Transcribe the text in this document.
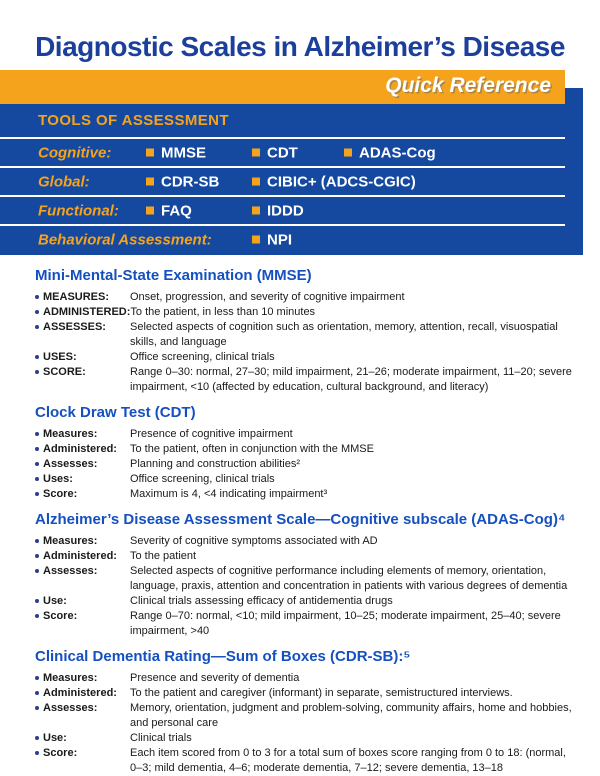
Diagnostic Scales in Alzheimer’s Disease
Quick Reference
TOOLS OF ASSESSMENT
Cognitive:	MMSE	CDT	ADAS-Cog
Global:	CDR-SB	CIBIC+ (ADCS-CGIC)
Functional:	FAQ	IDDD
Behavioral Assessment:	NPI
Mini-Mental-State Examination (MMSE)
MEASURES: Onset, progression, and severity of cognitive impairment
ADMINISTERED: To the patient, in less than 10 minutes
ASSESSES: Selected aspects of cognition such as orientation, memory, attention, recall, visuospatial skills, and language
USES:	Office screening, clinical trials
SCORE:	Range 0–30: normal, 27–30; mild impairment, 21–26; moderate impairment, 11–20; severe impairment, <10 (affected by education, cultural background, and literacy)
Clock Draw Test (CDT)
Measures:	Presence of cognitive impairment
Administered: To the patient, often in conjunction with the MMSE
Assesses:	Planning and construction abilities²
Uses:	Office screening, clinical trials
Score:	Maximum is 4, <4 indicating impairment³
Alzheimer’s Disease Assessment Scale—Cognitive subscale (ADAS-Cog)⁴
Measures:	Severity of cognitive symptoms associated with AD
Administered: To the patient
Assesses:	Selected aspects of cognitive performance including elements of memory, orientation, language, praxis, attention and concentration in patients with various degrees of dementia
Use:	Clinical trials assessing efficacy of antidementia drugs
Score:	Range 0–70: normal, <10; mild impairment, 10–25; moderate impairment, 25–40; severe impairment, >40
Clinical Dementia Rating—Sum of Boxes (CDR-SB):⁵
Measures:	Presence and severity of dementia
Administered: To the patient and caregiver (informant) in separate, semistructured interviews.
Assesses:	Memory, orientation, judgment and problem-solving, community affairs, home and hobbies, and personal care
Use:	Clinical trials
Score:	Each item scored from 0 to 3 for a total sum of boxes score ranging from 0 to 18: (normal, 0–3; mild dementia, 4–6; moderate dementia, 7–12; severe dementia, 13–18
